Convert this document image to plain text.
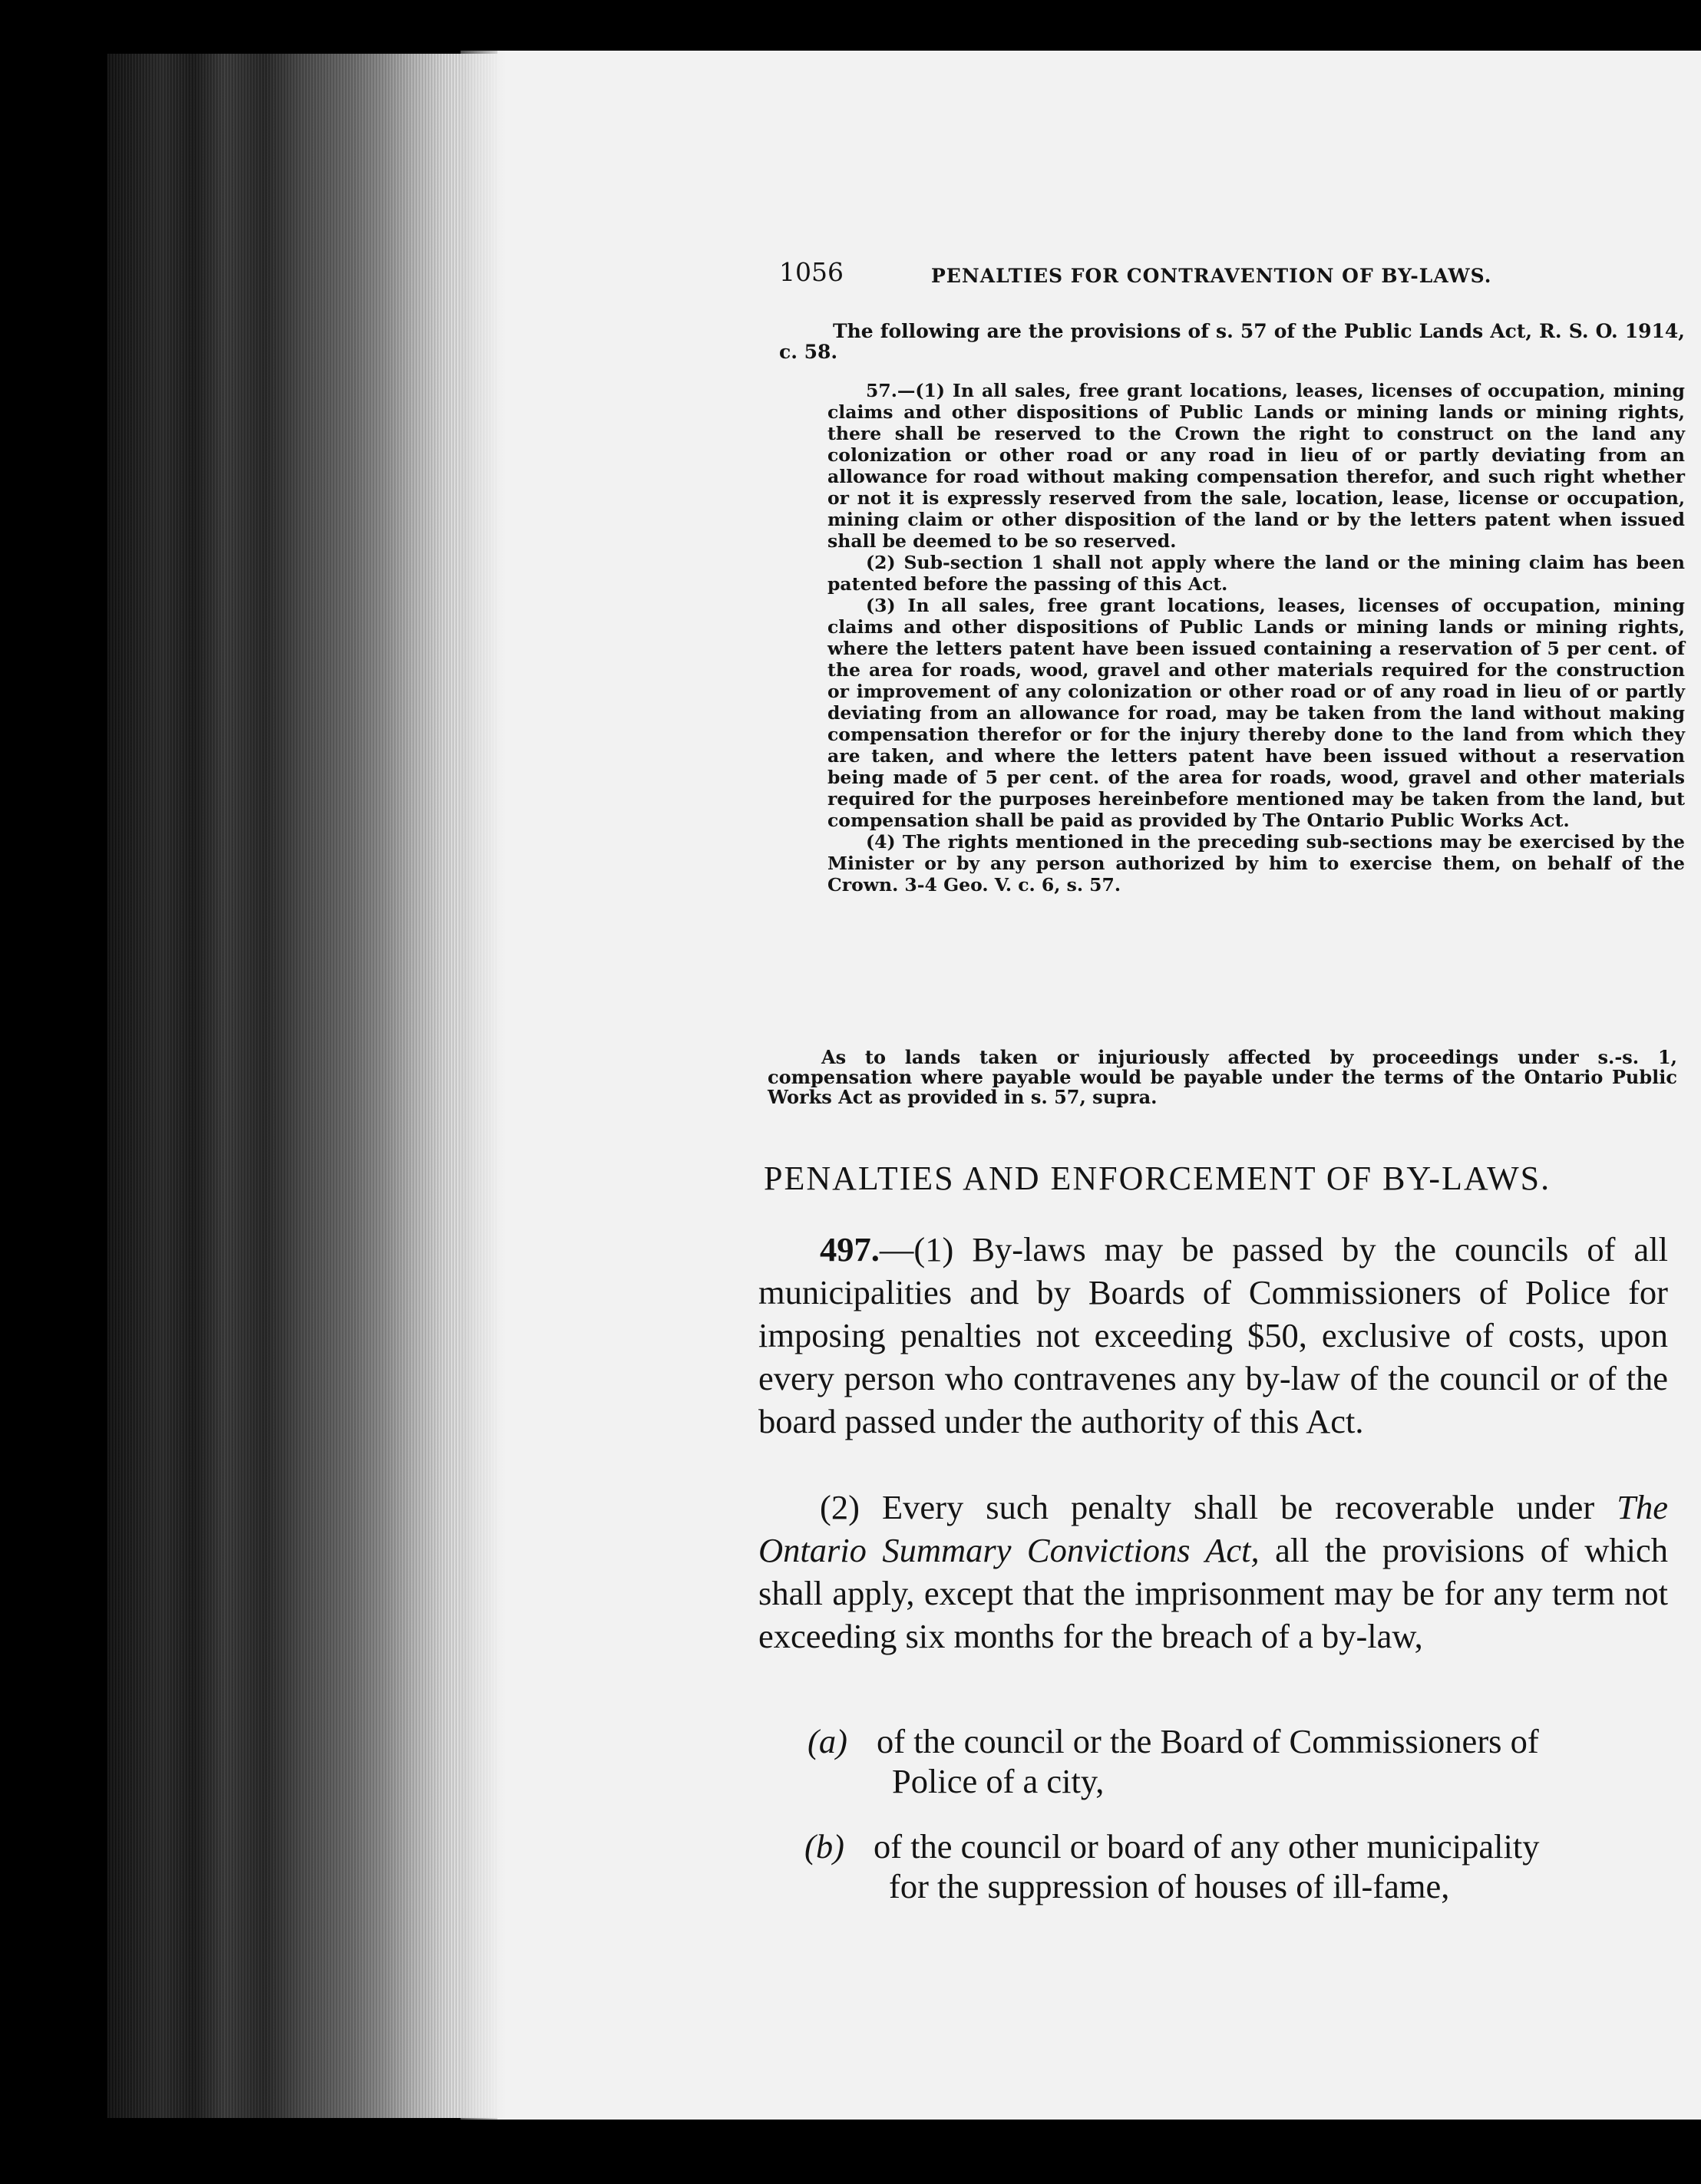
1056	PENALTIES FOR CONTRAVENTION OF BY-LAWS.
The following are the provisions of s. 57 of the Public Lands Act, R. S. O. 1914, c. 58.

57.—(1) In all sales, free grant locations, leases, licenses of occupation, mining claims and other dispositions of Public Lands or mining lands or mining rights, there shall be reserved to the Crown the right to construct on the land any colonization or other road or any road in lieu of or partly deviating from an allowance for road without making compensation therefor, and such right whether or not it is expressly reserved from the sale, location, lease, license or occupation, mining claim or other disposition of the land or by the letters patent when issued shall be deemed to be so reserved.

(2) Sub-section 1 shall not apply where the land or the mining claim has been patented before the passing of this Act.

(3) In all sales, free grant locations, leases, licenses of occupation, mining claims and other dispositions of Public Lands or mining lands or mining rights, where the letters patent have been issued containing a reservation of 5 per cent. of the area for roads, wood, gravel and other materials required for the construction or improvement of any colonization or other road or of any road in lieu of or partly deviating from an allowance for road, may be taken from the land without making compensation therefor or for the injury thereby done to the land from which they are taken, and where the letters patent have been issued without a reservation being made of 5 per cent. of the area for roads, wood, gravel and other materials required for the purposes hereinbefore mentioned may be taken from the land, but compensation shall be paid as provided by The Ontario Public Works Act.

(4) The rights mentioned in the preceding sub-sections may be exercised by the Minister or by any person authorized by him to exercise them, on behalf of the Crown. 3-4 Geo. V. c. 6, s. 57.

As to lands taken or injuriously affected by proceedings under s.-s. 1, compensation where payable would be payable under the terms of the Ontario Public Works Act as provided in s. 57, supra.
PENALTIES AND ENFORCEMENT OF BY-LAWS.

497.—(1) By-laws may be passed by the councils of all municipalities and by Boards of Commissioners of Police for imposing penalties not exceeding $50, exclusive of costs, upon every person who contravenes any by-law of the council or of the board passed under the authority of this Act.

(2) Every such penalty shall be recoverable under The Ontario Summary Convictions Act, all the provisions of which shall apply, except that the imprisonment may be for any term not exceeding six months for the breach of a by-law,

(a) of the council or the Board of Commissioners of
Police of a city,
(b) of the council or board of any other municipality
for the suppression of houses of ill-fame,
